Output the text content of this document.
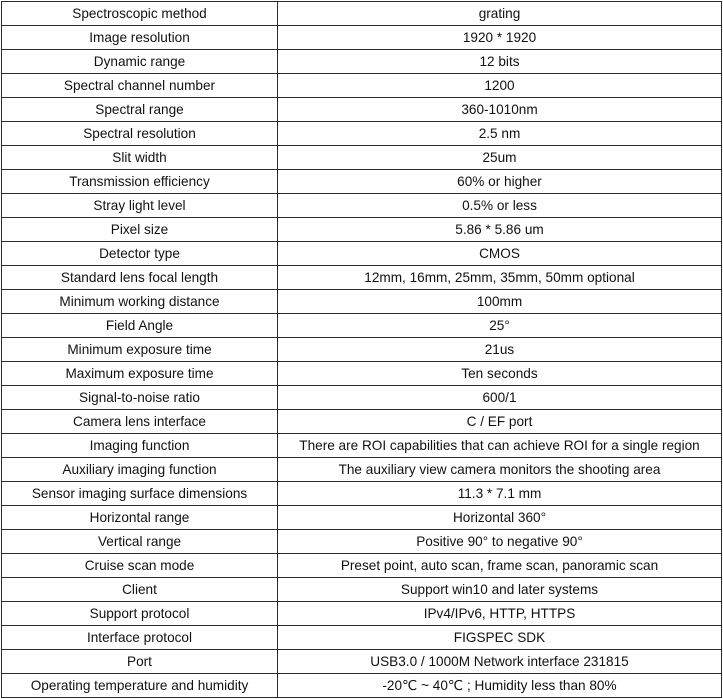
Spectroscopic method	grating
Image resolution	1920 * 1920
Dynamic range	12 bits
Spectral channel number	1200
Spectral range	360-1010nm
Spectral resolution	2.5 nm
Slit width	25um
Transmission efficiency	60% or higher
Stray light level	0.5% or less
Pixel size	5.86 * 5.86 um
Detector type	CMOS
Standard lens focal length	12mm, 16mm, 25mm, 35mm, 50mm optional
Minimum working distance	100mm
Field Angle	25°
Minimum exposure time	21us
Maximum exposure time	Ten seconds
Signal-to-noise ratio	600/1
Camera lens interface	C / EF port
Imaging function	There are ROI capabilities that can achieve ROI for a single region
Auxiliary imaging function	The auxiliary view camera monitors the shooting area
Sensor imaging surface dimensions	11.3 * 7.1 mm
Horizontal range	Horizontal 360°
Vertical range	Positive 90° to negative 90°
Cruise scan mode	Preset point, auto scan, frame scan, panoramic scan
Client	Support win10 and later systems
Support protocol	IPv4/IPv6, HTTP, HTTPS
Interface protocol	FIGSPEC SDK
Port	USB3.0 / 1000M Network interface 231815
Operating temperature and humidity	-20℃ ~ 40℃ ; Humidity less than 80%
